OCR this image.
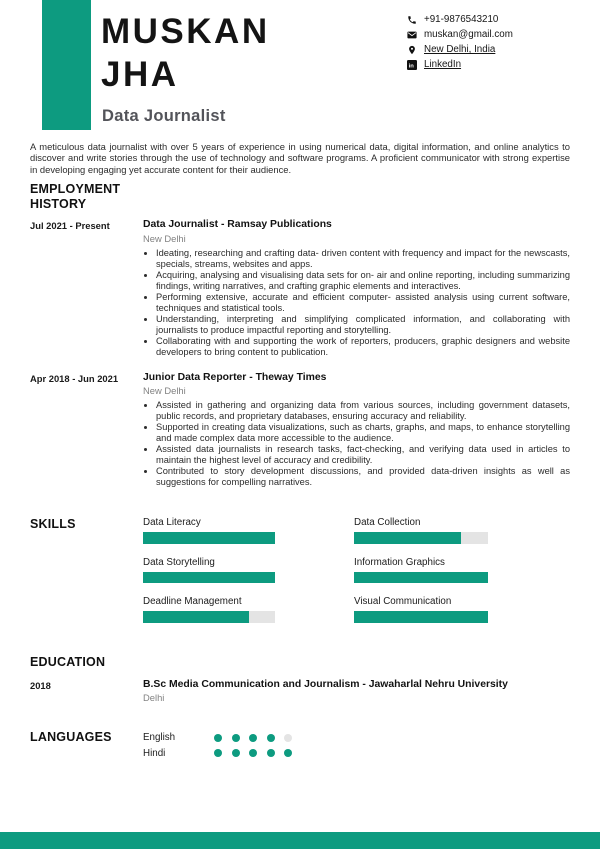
MUSKAN
JHA
Data Journalist
+91-9876543210
muskan@gmail.com
New Delhi, India
in LinkedIn

A meticulous data journalist with over 5 years of experience in using numerical data, digital information, and online analytics to discover and write stories through the use of technology and software programs. A proficient communicator with strong expertise in developing engaging yet accurate content for their audience.

EMPLOYMENT HISTORY
Jul 2021 - Present	Data Journalist - Ramsay Publications
New Delhi
• Ideating, researching and crafting data- driven content with frequency and impact for the newscasts, specials, streams, websites and apps.
• Acquiring, analysing and visualising data sets for on- air and online reporting, including summarizing findings, writing narratives, and crafting graphic elements and interactives.
• Performing extensive, accurate and efficient computer- assisted analysis using current software, techniques and statistical tools.
• Understanding, interpreting and simplifying complicated information, and collaborating with journalists to produce impactful reporting and storytelling.
• Collaborating with and supporting the work of reporters, producers, graphic designers and website developers to bring content to publication.
Apr 2018 - Jun 2021	Junior Data Reporter - Theway Times
New Delhi
• Assisted in gathering and organizing data from various sources, including government datasets, public records, and proprietary databases, ensuring accuracy and reliability.
• Supported in creating data visualizations, such as charts, graphs, and maps, to enhance storytelling and made complex data more accessible to the audience.
• Assisted data journalists in research tasks, fact-checking, and verifying data used in articles to maintain the highest level of accuracy and credibility.
• Contributed to story development discussions, and provided data-driven insights as well as suggestions for compelling narratives.
SKILLS	Data Literacy	Data Collection
Data Storytelling	Information Graphics
Deadline Management	Visual Communication
EDUCATION
2018	B.Sc Media Communication and Journalism - Jawaharlal Nehru University
Delhi
LANGUAGES	English
Hindi
